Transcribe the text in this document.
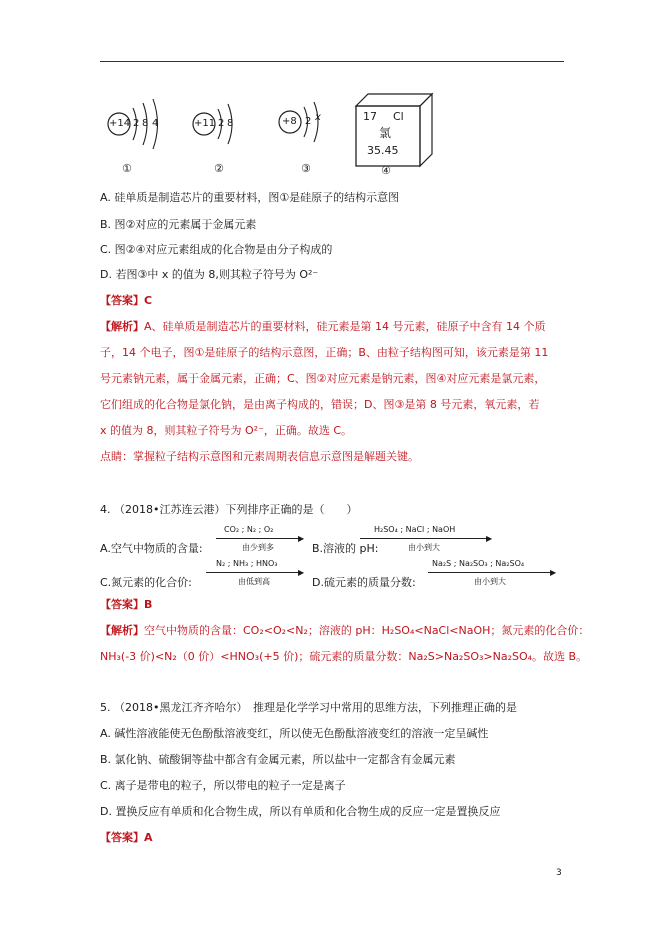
+14 2 8 4
①
+11 2 8
②
+8 2 x
③
17 Cl
氯
35.45
④
A. 硅单质是制造芯片的重要材料，图①是硅原子的结构示意图
B. 图②对应的元素属于金属元素
C. 图②④对应元素组成的化合物是由分子构成的
D. 若图③中 x 的值为 8,则其粒子符号为 O²⁻
【答案】C
【解析】A、硅单质是制造芯片的重要材料，硅元素是第 14 号元素，硅原子中含有 14 个质
子，14 个电子，图①是硅原子的结构示意图，正确；B、由粒子结构图可知，该元素是第 11
号元素钠元素，属于金属元素，正确；C、图②对应元素是钠元素，图④对应元素是氯元素，
它们组成的化合物是氯化钠，是由离子构成的，错误；D、图③是第 8 号元素，氧元素，若
x 的值为 8，则其粒子符号为 O²⁻，正确。故选 C。
点睛：掌握粒子结构示意图和元素周期表信息示意图是解题关键。
4. （2018•江苏连云港）下列排序正确的是（　　）
A.空气中物质的含量:
CO₂ ; N₂ ; O₂
▶
由少到多	B.溶液的 pH:
H₂SO₄ ; NaCl ; NaOH
▶
由小到大
C.氮元素的化合价:
N₂ ; NH₃ ; HNO₃
▶
由低到高	D.硫元素的质量分数:
Na₂S ; Na₂SO₃ ; Na₂SO₄
▶
由小到大
【答案】B
【解析】空气中物质的含量：CO₂<O₂<N₂；溶液的 pH：H₂SO₄<NaCl<NaOH；氮元素的化合价：
NH₃(-3 价)<N₂（0 价）<HNO₃(+5 价)；硫元素的质量分数：Na₂S>Na₂SO₃>Na₂SO₄。故选 B。
5. （2018•黑龙江齐齐哈尔）　推理是化学学习中常用的思维方法，下列推理正确的是
A. 碱性溶液能使无色酚酞溶液变红，所以使无色酚酞溶液变红的溶液一定呈碱性
B. 氯化钠、硫酸铜等盐中都含有金属元素，所以盐中一定都含有金属元素
C. 离子是带电的粒子，所以带电的粒子一定是离子
D. 置换反应有单质和化合物生成，所以有单质和化合物生成的反应一定是置换反应
【答案】A
3
